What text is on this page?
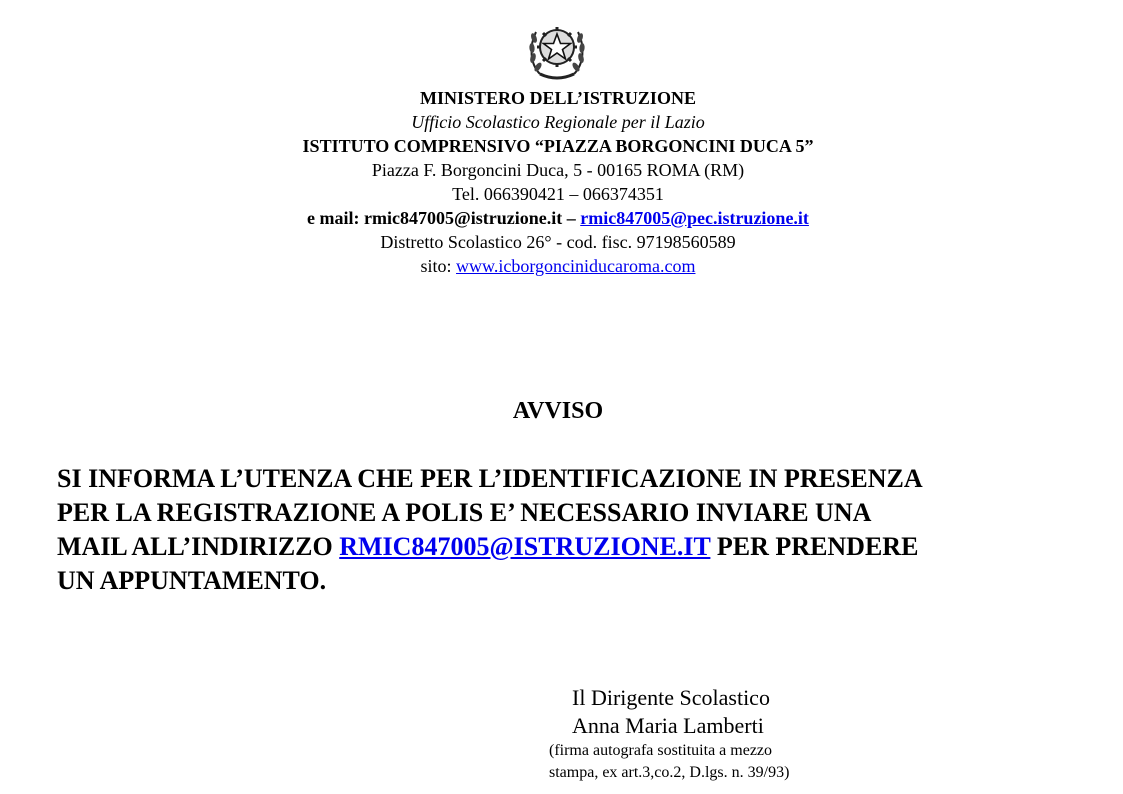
MINISTERO DELL’ISTRUZIONE
Ufficio Scolastico Regionale per il Lazio
ISTITUTO COMPRENSIVO “PIAZZA BORGONCINI DUCA 5”
Piazza F. Borgoncini Duca, 5 - 00165 ROMA (RM)
Tel. 066390421 – 066374351
e mail: rmic847005@istruzione.it – rmic847005@pec.istruzione.it
Distretto Scolastico 26° - cod. fisc. 97198560589
sito: www.icborgonciniducaroma.com
AVVISO
SI INFORMA L’UTENZA CHE PER L’IDENTIFICAZIONE IN PRESENZA
PER LA REGISTRAZIONE A POLIS E’ NECESSARIO INVIARE UNA
MAIL ALL’INDIRIZZO RMIC847005@ISTRUZIONE.IT PER PRENDERE
UN APPUNTAMENTO.
Il Dirigente Scolastico
Anna Maria Lamberti
(firma autografa sostituita a mezzo
stampa, ex art.3,co.2, D.lgs. n. 39/93)
